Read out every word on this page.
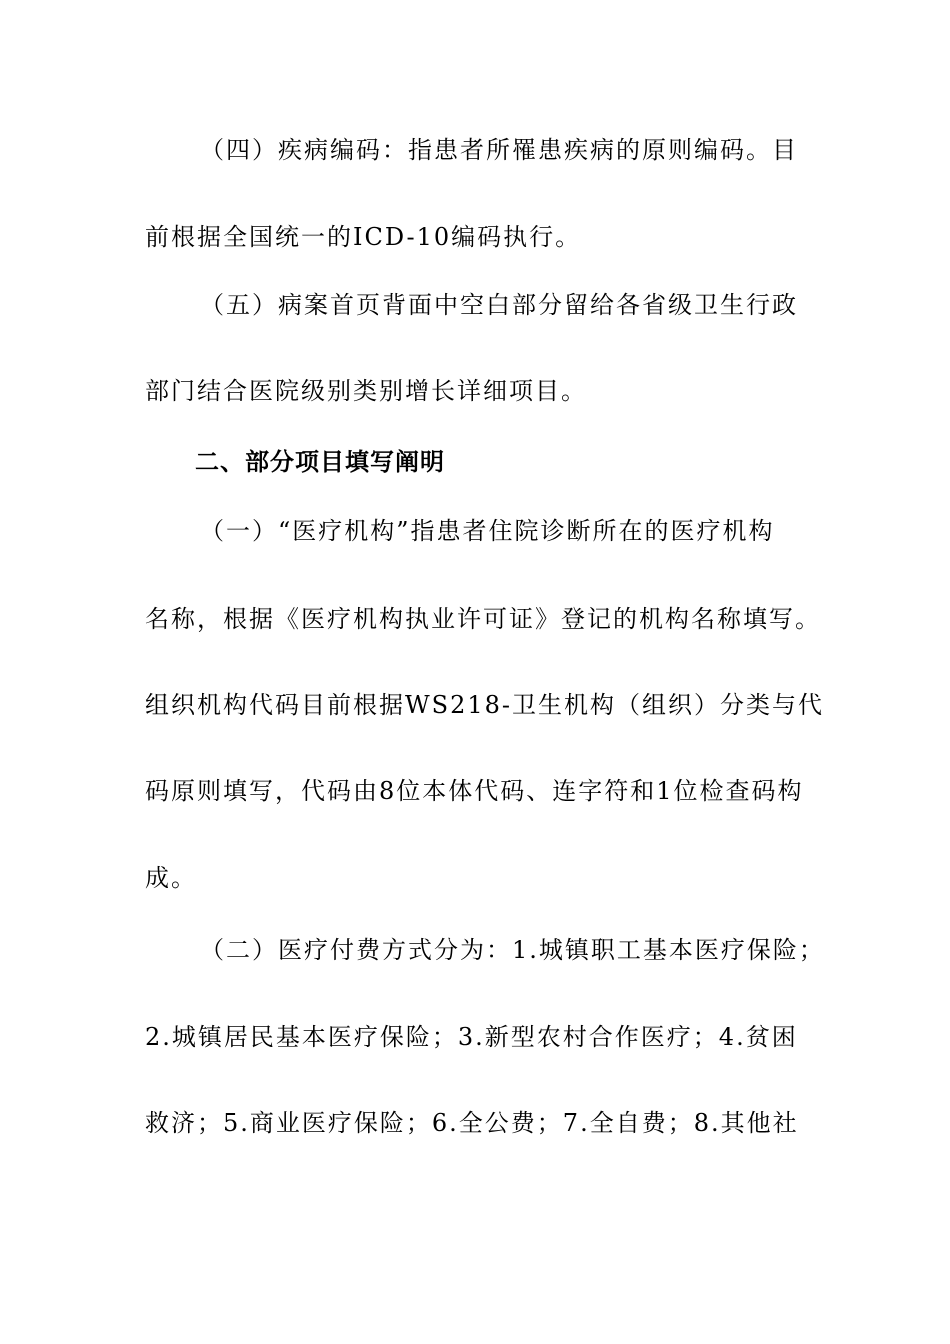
（四）疾病编码：指患者所罹患疾病的原则编码。目
前根据全国统一的ICD-10编码执行。
（五）病案首页背面中空白部分留给各省级卫生行政
部门结合医院级别类别增长详细项目。
二、部分项目填写阐明
（一）“医疗机构”指患者住院诊断所在的医疗机构
名称，根据《医疗机构执业许可证》登记的机构名称填写。
组织机构代码目前根据WS218-卫生机构（组织）分类与代
码原则填写，代码由8位本体代码、连字符和1位检查码构
成。
（二）医疗付费方式分为：1.城镇职工基本医疗保险；
2.城镇居民基本医疗保险；3.新型农村合作医疗；4.贫困
救济；5.商业医疗保险；6.全公费；7.全自费；8.其他社
